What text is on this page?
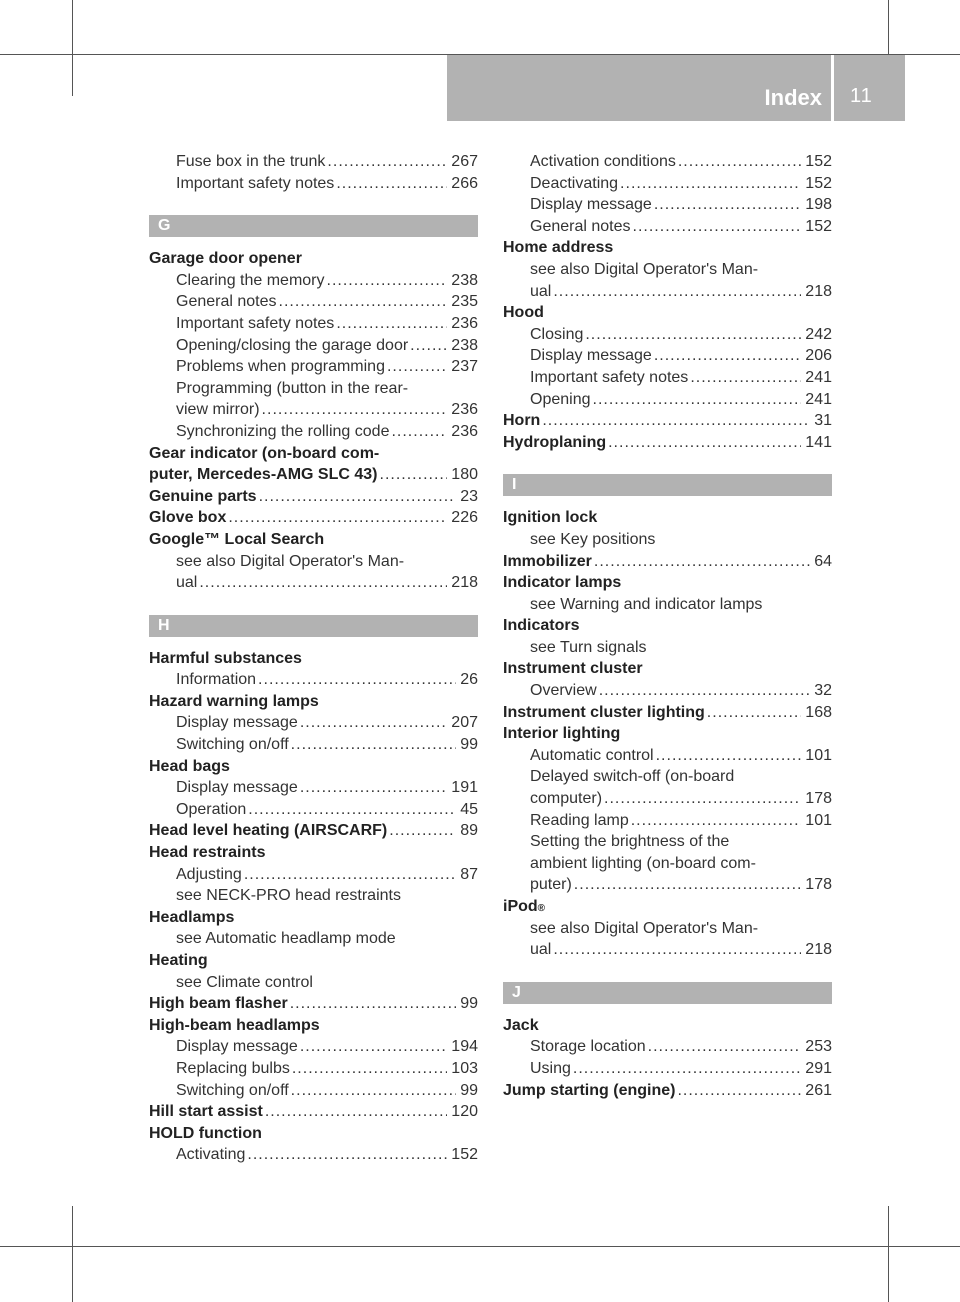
Index 11
Fuse box in the trunk .....	267
Important safety notes .....	266
G
Garage door opener
Clearing the memory .....	238
General notes .....	235
Important safety notes .....	236
Opening/closing the garage door .....	238
Problems when programming .....	237
Programming (button in the rear-
view mirror) .....	236
Synchronizing the rolling code .....	236
Gear indicator (on-board com-
puter, Mercedes-AMG SLC 43) .....	180
Genuine parts .....	23
Glove box .....	226
Google™ Local Search
see also Digital Operator's Man-
ual .....	218
H
Harmful substances
Information .....	26
Hazard warning lamps
Display message .....	207
Switching on/off .....	99
Head bags
Display message .....	191
Operation .....	45
Head level heating (AIRSCARF) .....	89
Head restraints
Adjusting .....	87
see NECK-PRO head restraints
Headlamps
see Automatic headlamp mode
Heating
see Climate control
High beam flasher .....	99
High-beam headlamps
Display message .....	194
Replacing bulbs .....	103
Switching on/off .....	99
Hill start assist .....	120
HOLD function
Activating .....	152
Activation conditions .....	152
Deactivating .....	152
Display message .....	198
General notes .....	152
Home address
see also Digital Operator's Man-
ual .....	218
Hood
Closing .....	242
Display message .....	206
Important safety notes .....	241
Opening .....	241
Horn .....	31
Hydroplaning .....	141
I
Ignition lock
see Key positions
Immobilizer .....	64
Indicator lamps
see Warning and indicator lamps
Indicators
see Turn signals
Instrument cluster
Overview .....	32
Instrument cluster lighting .....	168
Interior lighting
Automatic control .....	101
Delayed switch-off (on-board
computer) .....	178
Reading lamp .....	101
Setting the brightness of the
ambient lighting (on-board com-
puter) .....	178
iPod ®
see also Digital Operator's Man-
ual .....	218
J
Jack
Storage location .....	253
Using .....	291
Jump starting (engine) .....	261
